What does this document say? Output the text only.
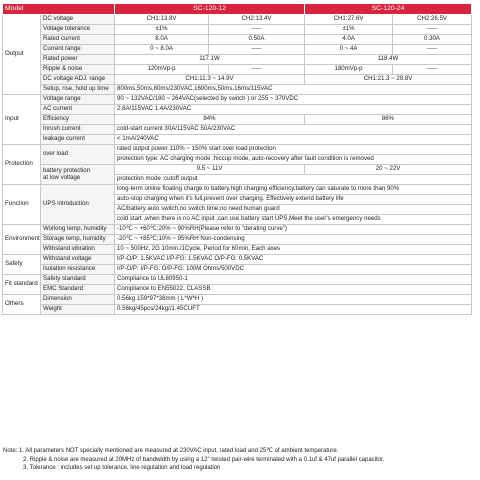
Model		SC-120-12		SC-120-24	
Output	DC voltage	CH1:13.8V	CH2:13.4V	CH1:27.6V	CH2:26.5V
	Voltage tolerance	±1%	-----	±1%	-----
	Rated current	8.0A	0.50A	4.0A	0.30A
	Current range	0 ~ 8.0A	-----	0 ~ 4A	-----
	Rated power	117.1W		118.4W	
	Ripple & noise	120mVp-p	-----	180mVp-p	-----
	DC voltage ADJ. range	CH1:11.3 ~ 14.9V		CH1:21.3 ~ 29.8V	
	Setup, rise, hold up time	800ms,50ms,80ms/230VAC,1600ms,50ms,16ms/115VAC			
Input	Voltage range	90 ~ 132VAC/180 ~ 264VAC(selected by switch ) or 255 ~ 370VDC			
	AC current	2.8A/115VAC 1.4A/230VAC			
	Efficiency	84%		86%	
	Inrush current	cold-start current 30A/115VAC 50A/230VAC			
	leakage current	< 1mA/240VAC			
Protection	over load	rated output power 110% ~ 150% start over load protection			
		protection type: AC charging mode :hiccup mode, auto-recovery after fault condition is removed			
	battery protection
at low voltage	9.5 ~ 11V		20 ~ 22V	
		protection mode :cutoff output			
Function	UPS introduction	long-term online floating charge to battery,high charging efficiency,battery can saturate to more than 90%			
		auto-stop charging when it's full,prevent over charging. Effectively extend battery life			
		AC/battery auto switch,no switch time,no need human guard			
		cold start ,when there is no AC input ,can use battery start UPS,Meet the user's emergency needs			
Environment	Working temp, humidity	-10℃ ~ +60℃;20% ~ 90%RH(Please refer to "derating curve")			
	Storage temp, humidity	-20℃ ~ +85℃;10% ~ 95%RH Non-condensing			
	Withstand vibration	10 ~ 500Hz, 2G 10min./1Cycle, Period for 60min, Each axes			
Safety	Withstand voltage	I/P-O/P: 1.5KVAC I/P-FG: 1.5KVAC O/P-FG: 0.5KVAC			
	Isolation resistance	I/P-O/P: I/P-FG: O/P-FG: 100M Ohms/500VDC			
Fit standard	Safety standard	Compliance to UL80950-1			
	EMC Standard	Compliance to EN55022, CLASSB			
Others	Dimension	0.56kg 159*97*38mm ( L*W*H )			
	Weight	0.56kg/45pcs/24kg//1.45CUFT			
Note: 1. All parameters NOT specially mentioned are measured at 230VAC input, rated load and 25℃ of ambient temperature.
2. Ripple & noise are measured at 20MHz of bandwidth by using a 12" twisted pair-wire terminated with a 0.1uf & 47uf parallel capacitor.
3. Tolerance : includes set up tolerance, line regulation and load regulation
